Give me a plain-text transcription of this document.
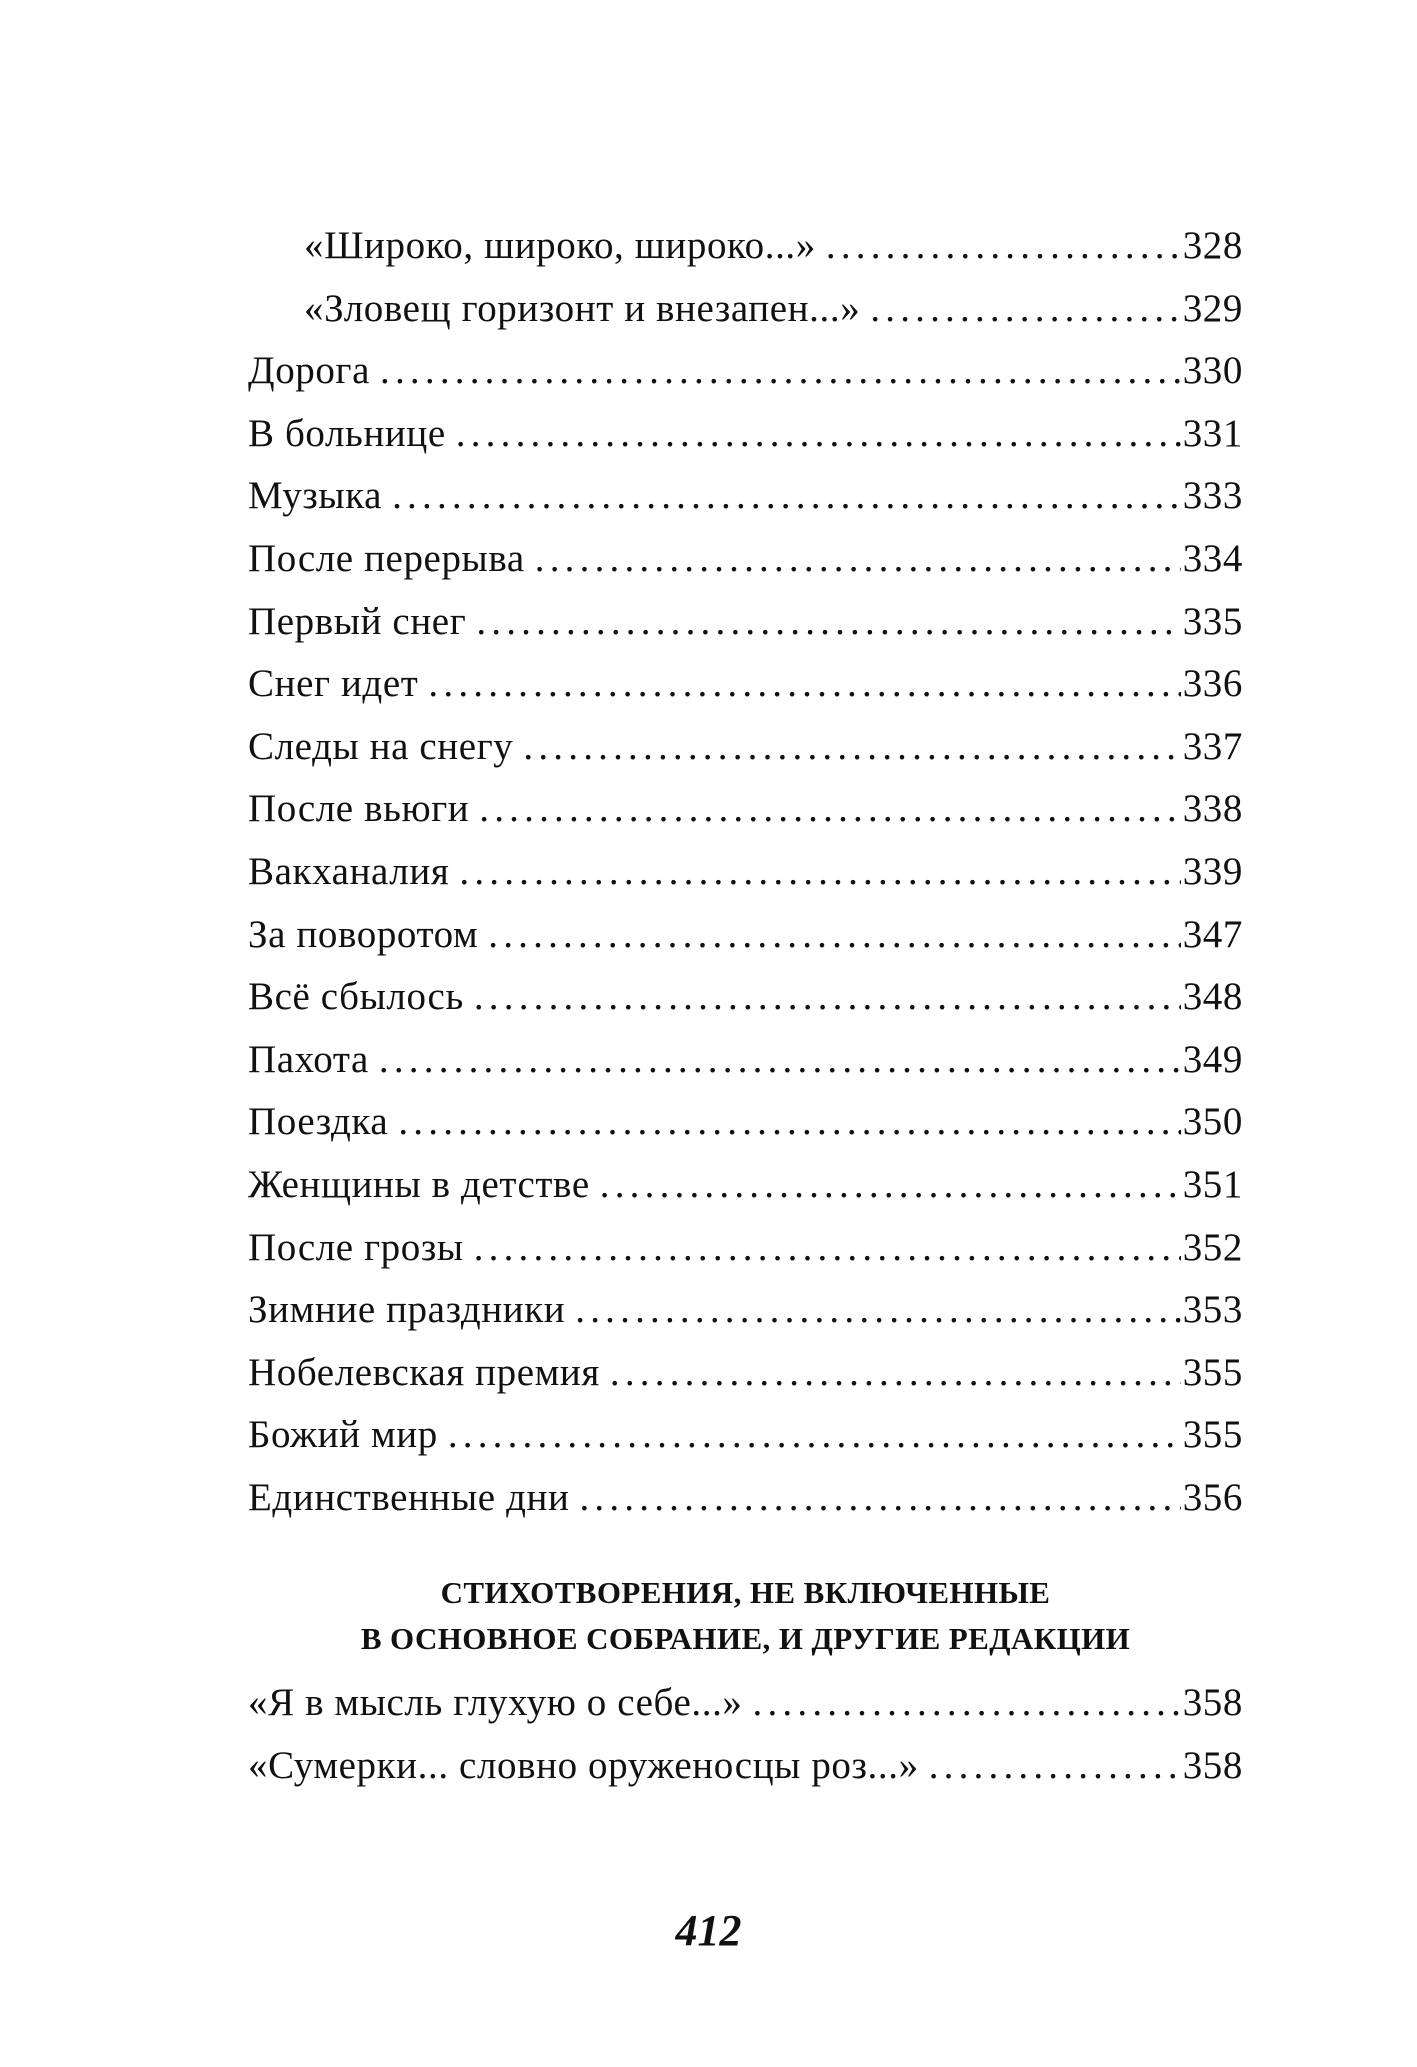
«Широко, широко, широко...» .....	328
«Зловещ горизонт и внезапен...» .....	329
Дорога .....	330
В больнице .....	331
Музыка .....	333
После перерыва .....	334
Первый снег .....	335
Снег идет .....	336
Следы на снегу .....	337
После вьюги .....	338
Вакханалия .....	339
За поворотом .....	347
Всё сбылось .....	348
Пахота .....	349
Поездка .....	350
Женщины в детстве .....	351
После грозы .....	352
Зимние праздники .....	353
Нобелевская премия .....	355
Божий мир .....	355
Единственные дни .....	356
СТИХОТВОРЕНИЯ, НЕ ВКЛЮЧЕННЫЕ
В ОСНОВНОЕ СОБРАНИЕ, И ДРУГИЕ РЕДАКЦИИ
«Я в мысль глухую о себе...» .....	358
«Сумерки... словно оруженосцы роз...» .....	358
412
